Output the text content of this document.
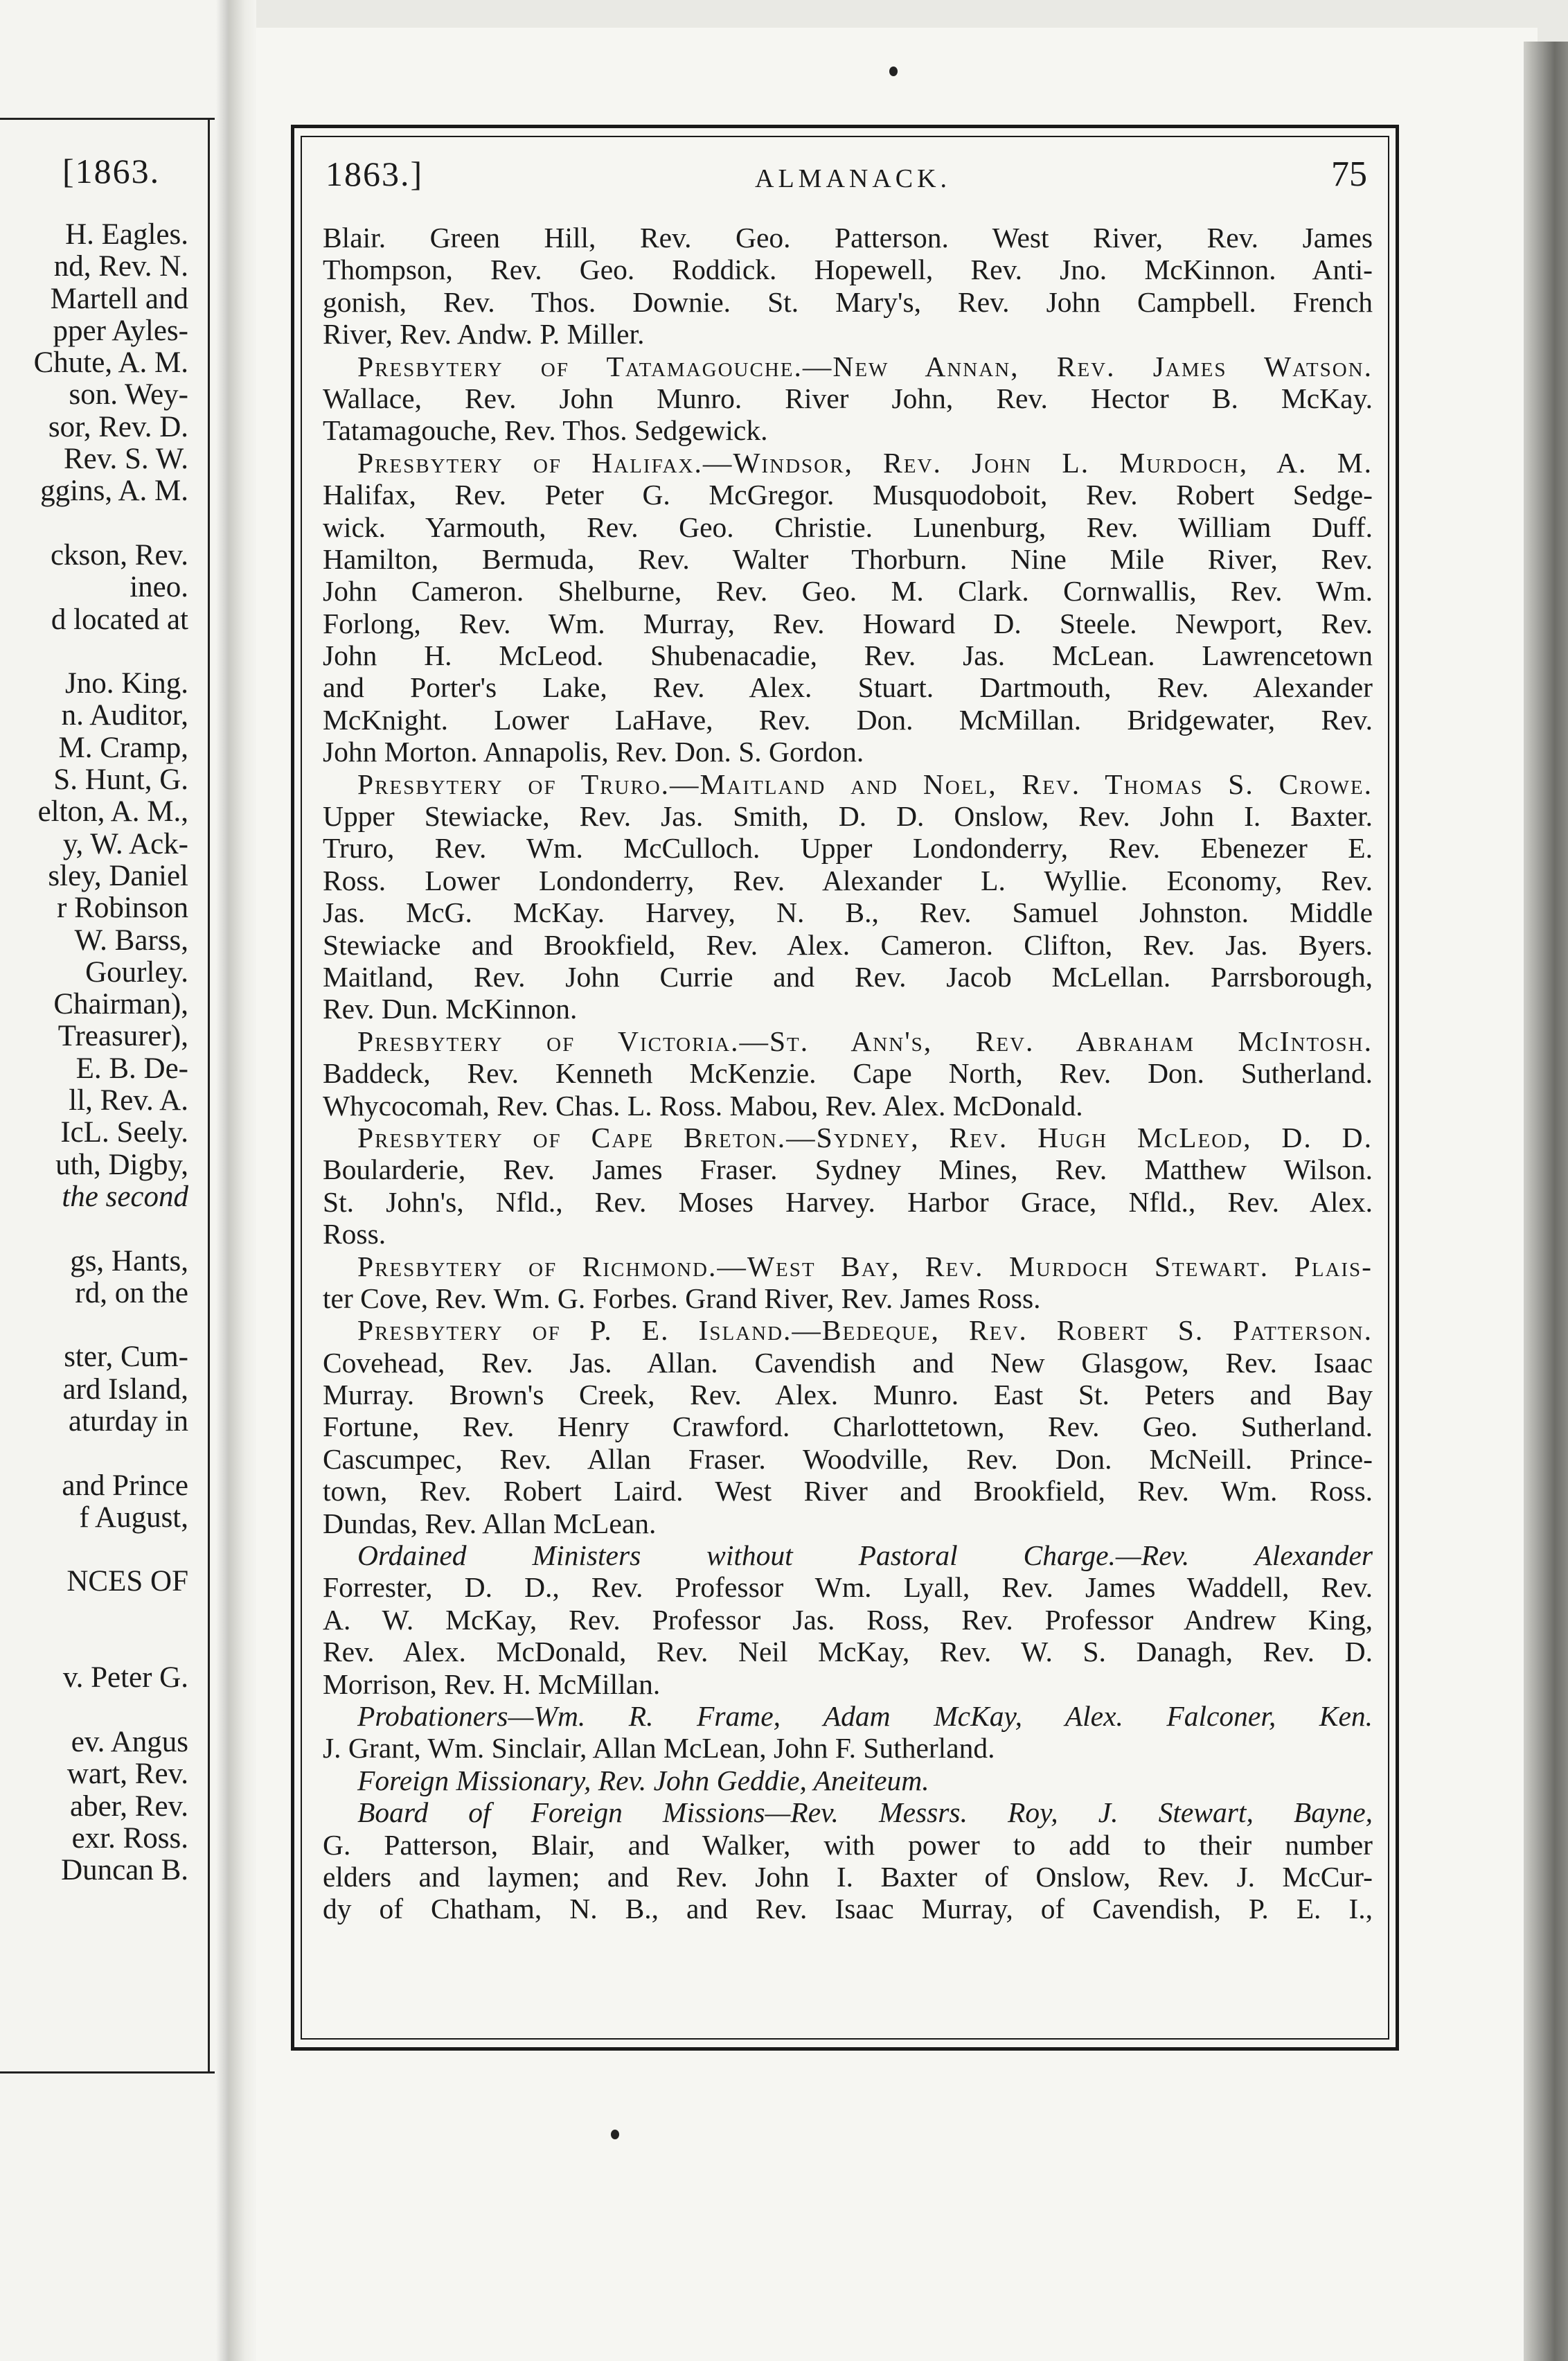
[1863.
H. Eagles.
nd, Rev. N.
Martell and
pper Ayles-
Chute, A. M.
son. Wey-
sor, Rev. D.
Rev. S. W.
ggins, A. M.
ckson, Rev.
ineo.
d located at
Jno. King.
n. Auditor,
M. Cramp,
S. Hunt, G.
elton, A. M.,
y, W. Ack-
sley, Daniel
r Robinson
W. Barss,
Gourley.
Chairman),
Treasurer),
E. B. De-
ll, Rev. A.
IcL. Seely.
uth, Digby,
the second
gs, Hants,
rd, on the
ster, Cum-
ard Island,
aturday in
and Prince
f August,
NCES OF
v. Peter G.
ev. Angus
wart, Rev.
aber, Rev.
exr. Ross.
Duncan B.
1863.]	ALMANACK.	75
Blair. Green Hill, Rev. Geo. Patterson. West River, Rev. James
Thompson, Rev. Geo. Roddick. Hopewell, Rev. Jno. McKinnon. Anti-
gonish, Rev. Thos. Downie. St. Mary's, Rev. John Campbell. French
River, Rev. Andw. P. Miller.
Presbytery of Tatamagouche.—New Annan, Rev. James Watson.
Wallace, Rev. John Munro. River John, Rev. Hector B. McKay.
Tatamagouche, Rev. Thos. Sedgewick.
Presbytery of Halifax.—Windsor, Rev. John L. Murdoch, A. M.
Halifax, Rev. Peter G. McGregor. Musquodoboit, Rev. Robert Sedge-
wick. Yarmouth, Rev. Geo. Christie. Lunenburg, Rev. William Duff.
Hamilton, Bermuda, Rev. Walter Thorburn. Nine Mile River, Rev.
John Cameron. Shelburne, Rev. Geo. M. Clark. Cornwallis, Rev. Wm.
Forlong, Rev. Wm. Murray, Rev. Howard D. Steele. Newport, Rev.
John H. McLeod. Shubenacadie, Rev. Jas. McLean. Lawrencetown
and Porter's Lake, Rev. Alex. Stuart. Dartmouth, Rev. Alexander
McKnight. Lower LaHave, Rev. Don. McMillan. Bridgewater, Rev.
John Morton. Annapolis, Rev. Don. S. Gordon.
Presbytery of Truro.—Maitland and Noel, Rev. Thomas S. Crowe.
Upper Stewiacke, Rev. Jas. Smith, D. D. Onslow, Rev. John I. Baxter.
Truro, Rev. Wm. McCulloch. Upper Londonderry, Rev. Ebenezer E.
Ross. Lower Londonderry, Rev. Alexander L. Wyllie. Economy, Rev.
Jas. McG. McKay. Harvey, N. B., Rev. Samuel Johnston. Middle
Stewiacke and Brookfield, Rev. Alex. Cameron. Clifton, Rev. Jas. Byers.
Maitland, Rev. John Currie and Rev. Jacob McLellan. Parrsborough,
Rev. Dun. McKinnon.
Presbytery of Victoria.—St. Ann's, Rev. Abraham McIntosh.
Baddeck, Rev. Kenneth McKenzie. Cape North, Rev. Don. Sutherland.
Whycocomah, Rev. Chas. L. Ross. Mabou, Rev. Alex. McDonald.
Presbytery of Cape Breton.—Sydney, Rev. Hugh McLeod, D. D.
Boularderie, Rev. James Fraser. Sydney Mines, Rev. Matthew Wilson.
St. John's, Nfld., Rev. Moses Harvey. Harbor Grace, Nfld., Rev. Alex.
Ross.
Presbytery of Richmond.—West Bay, Rev. Murdoch Stewart. Plais-
ter Cove, Rev. Wm. G. Forbes. Grand River, Rev. James Ross.
Presbytery of P. E. Island.—Bedeque, Rev. Robert S. Patterson.
Covehead, Rev. Jas. Allan. Cavendish and New Glasgow, Rev. Isaac
Murray. Brown's Creek, Rev. Alex. Munro. East St. Peters and Bay
Fortune, Rev. Henry Crawford. Charlottetown, Rev. Geo. Sutherland.
Cascumpec, Rev. Allan Fraser. Woodville, Rev. Don. McNeill. Prince-
town, Rev. Robert Laird. West River and Brookfield, Rev. Wm. Ross.
Dundas, Rev. Allan McLean.
Ordained Ministers without Pastoral Charge.—Rev. Alexander
Forrester, D. D., Rev. Professor Wm. Lyall, Rev. James Waddell, Rev.
A. W. McKay, Rev. Professor Jas. Ross, Rev. Professor Andrew King,
Rev. Alex. McDonald, Rev. Neil McKay, Rev. W. S. Danagh, Rev. D.
Morrison, Rev. H. McMillan.
Probationers—Wm. R. Frame, Adam McKay, Alex. Falconer, Ken.
J. Grant, Wm. Sinclair, Allan McLean, John F. Sutherland.
Foreign Missionary, Rev. John Geddie, Aneiteum.
Board of Foreign Missions—Rev. Messrs. Roy, J. Stewart, Bayne,
G. Patterson, Blair, and Walker, with power to add to their number
elders and laymen; and Rev. John I. Baxter of Onslow, Rev. J. McCur-
dy of Chatham, N. B., and Rev. Isaac Murray, of Cavendish, P. E. I.,
